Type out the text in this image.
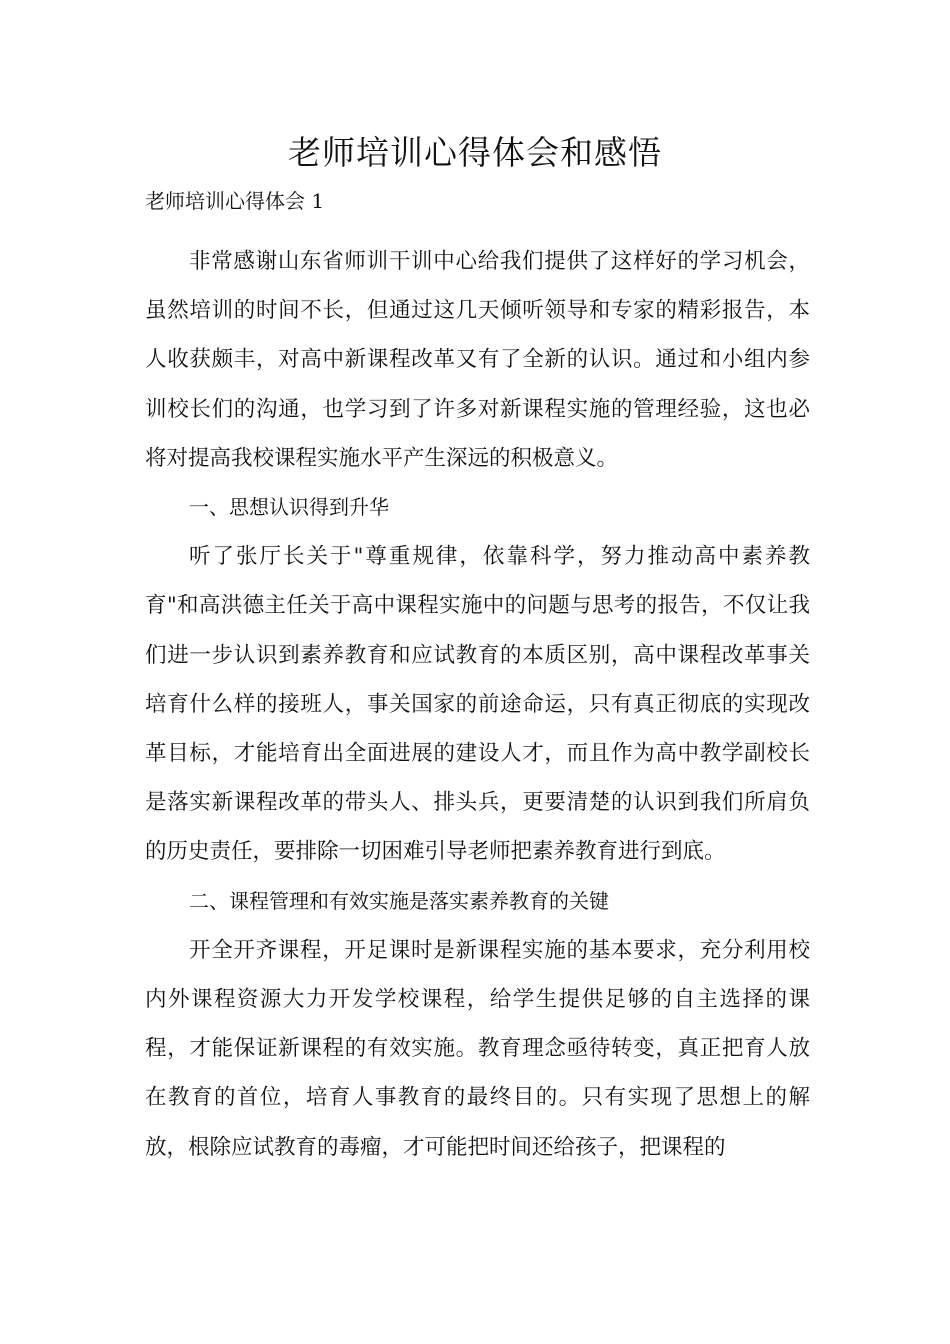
老师培训心得体会和感悟

老师培训心得体会 1

非常感谢山东省师训干训中心给我们提供了这样好的学习机会，虽然培训的时间不长，但通过这几天倾听领导和专家的精彩报告，本人收获颇丰，对高中新课程改革又有了全新的认识。通过和小组内参训校长们的沟通，也学习到了许多对新课程实施的管理经验，这也必将对提高我校课程实施水平产生深远的积极意义。

一、思想认识得到升华

听了张厅长关于"尊重规律，依靠科学，努力推动高中素养教育"和高洪德主任关于高中课程实施中的问题与思考的报告，不仅让我们进一步认识到素养教育和应试教育的本质区别，高中课程改革事关培育什么样的接班人，事关国家的前途命运，只有真正彻底的实现改革目标，才能培育出全面进展的建设人才，而且作为高中教学副校长是落实新课程改革的带头人、排头兵，更要清楚的认识到我们所肩负的历史责任，要排除一切困难引导老师把素养教育进行到底。

二、课程管理和有效实施是落实素养教育的关键

开全开齐课程，开足课时是新课程实施的基本要求，充分利用校内外课程资源大力开发学校课程，给学生提供足够的自主选择的课程，才能保证新课程的有效实施。教育理念亟待转变，真正把育人放在教育的首位，培育人事教育的最终目的。只有实现了思想上的解放，根除应试教育的毒瘤，才可能把时间还给孩子，把课程的
